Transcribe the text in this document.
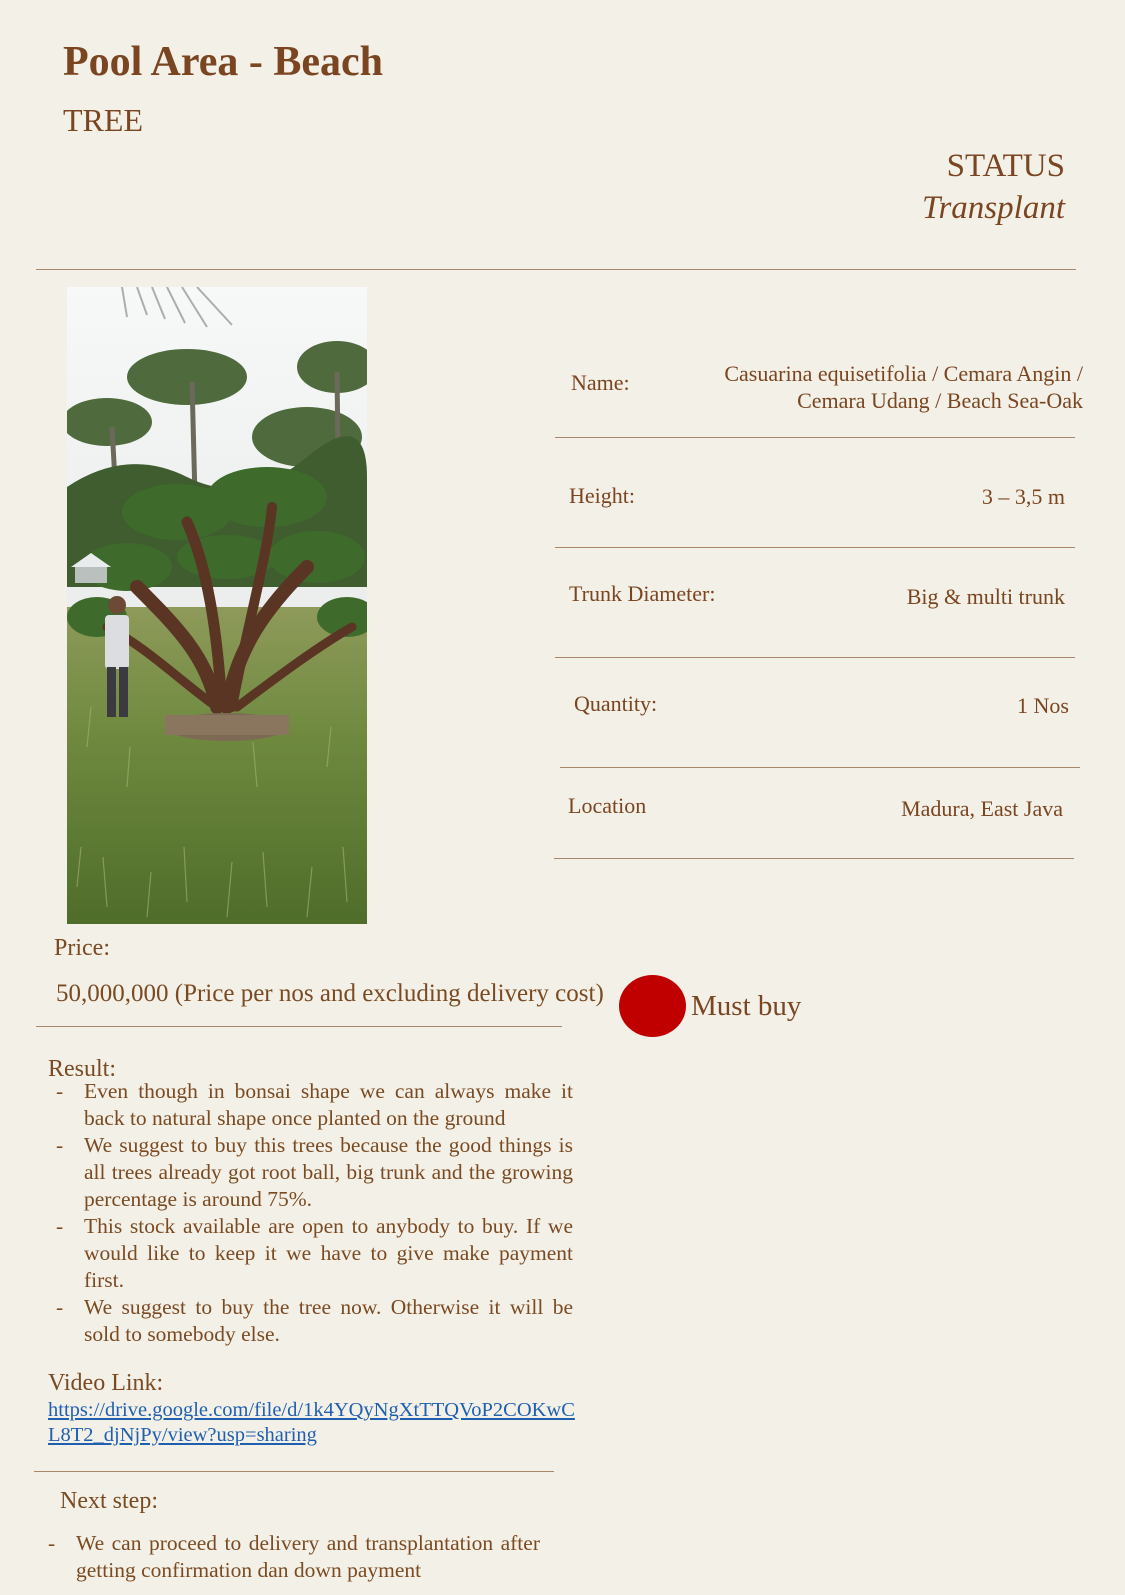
Pool Area - Beach
TREE
STATUS
Transplant
Name:	Casuarina equisetifolia / Cemara Angin /
Cemara Udang / Beach Sea-Oak
Height:	3 – 3,5 m
Trunk Diameter:	Big & multi trunk
Quantity:	1 Nos
Location	Madura, East Java
Price:
50,000,000 (Price per nos and excluding delivery cost)	Must buy
Result:
- Even though in bonsai shape we can always make it back to natural shape once planted on the ground
- We suggest to buy this trees because the good things is all trees already got root ball, big trunk and the growing percentage is around 75%.
- This stock available are open to anybody to buy. If we would like to keep it we have to give make payment first.
- We suggest to buy the tree now. Otherwise it will be sold to somebody else.
Video Link:
https://drive.google.com/file/d/1k4YQyNgXtTTQVoP2COKwCL8T2_djNjPy/view?usp=sharing
Next step:
- We can proceed to delivery and transplantation after getting confirmation dan down payment
